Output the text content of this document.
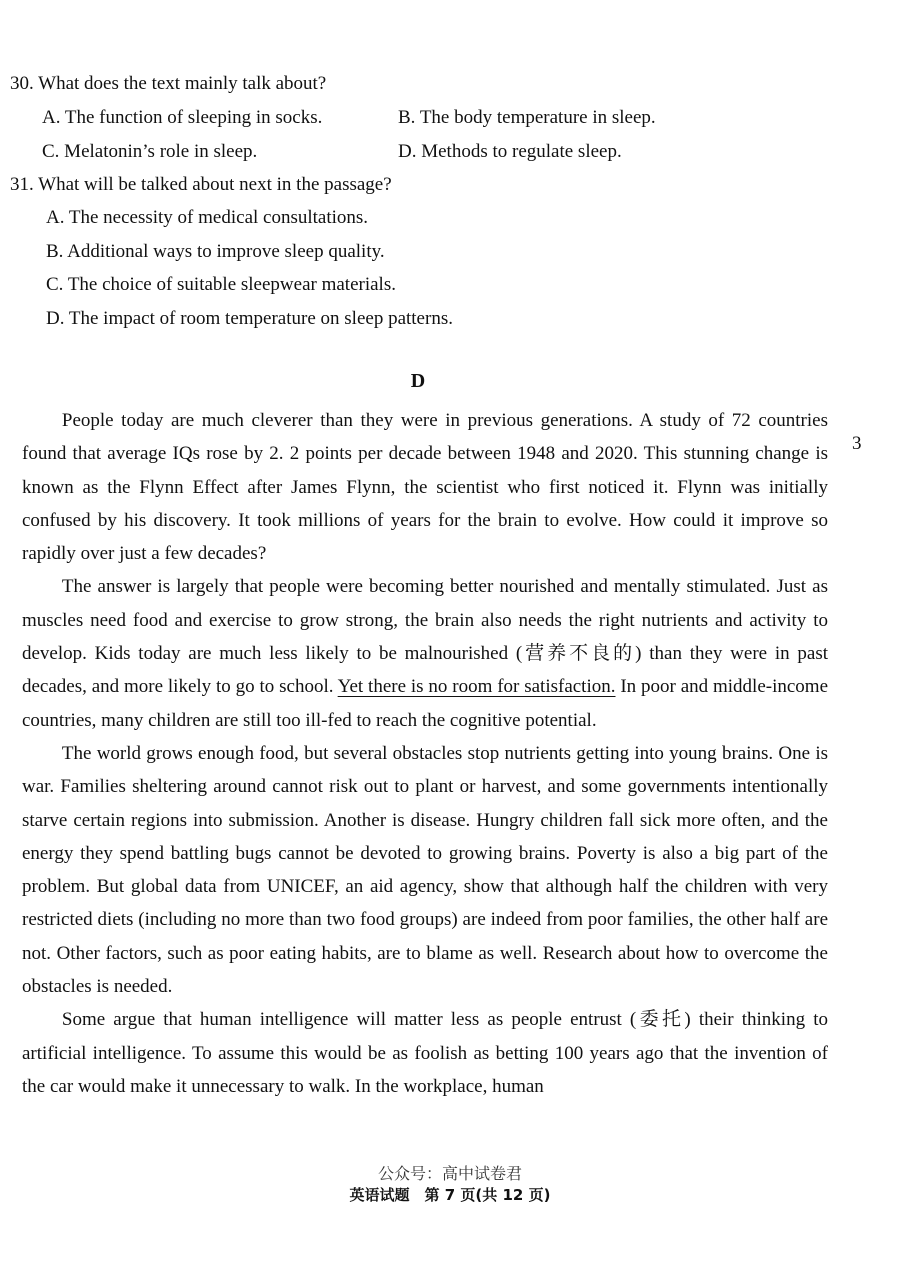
30. What does the text mainly talk about?
A. The function of sleeping in socks.	B. The body temperature in sleep.
C. Melatonin’s role in sleep.	D. Methods to regulate sleep.
31. What will be talked about next in the passage?
A. The necessity of medical consultations.
B. Additional ways to improve sleep quality.
C. The choice of suitable sleepwear materials.
D. The impact of room temperature on sleep patterns.
D
3

People today are much cleverer than they were in previous generations. A study of 72 countries found that average IQs rose by 2. 2 points per decade between 1948 and 2020. This stunning change is known as the Flynn Effect after James Flynn, the scientist who first noticed it. Flynn was initially confused by his discovery. It took millions of years for the brain to evolve. How could it improve so rapidly over just a few decades?

The answer is largely that people were becoming better nourished and mentally stimulated. Just as muscles need food and exercise to grow strong, the brain also needs the right nutrients and activity to develop. Kids today are much less likely to be malnourished (营养不良的) than they were in past decades, and more likely to go to school. Yet there is no room for satisfaction. In poor and middle-income countries, many children are still too ill-fed to reach the cognitive potential.

The world grows enough food, but several obstacles stop nutrients getting into young brains. One is war. Families sheltering around cannot risk out to plant or harvest, and some governments intentionally starve certain regions into submission. Another is disease. Hungry children fall sick more often, and the energy they spend battling bugs cannot be devoted to growing brains. Poverty is also a big part of the problem. But global data from UNICEF, an aid agency, show that although half the children with very restricted diets (including no more than two food groups) are indeed from poor families, the other half are not. Other factors, such as poor eating habits, are to blame as well. Research about how to overcome the obstacles is needed.

Some argue that human intelligence will matter less as people entrust (委托) their thinking to artificial intelligence. To assume this would be as foolish as betting 100 years ago that the invention of the car would make it unnecessary to walk. In the workplace, human

公众号：高中试卷君
英语试题　第 7 页(共 12 页)
